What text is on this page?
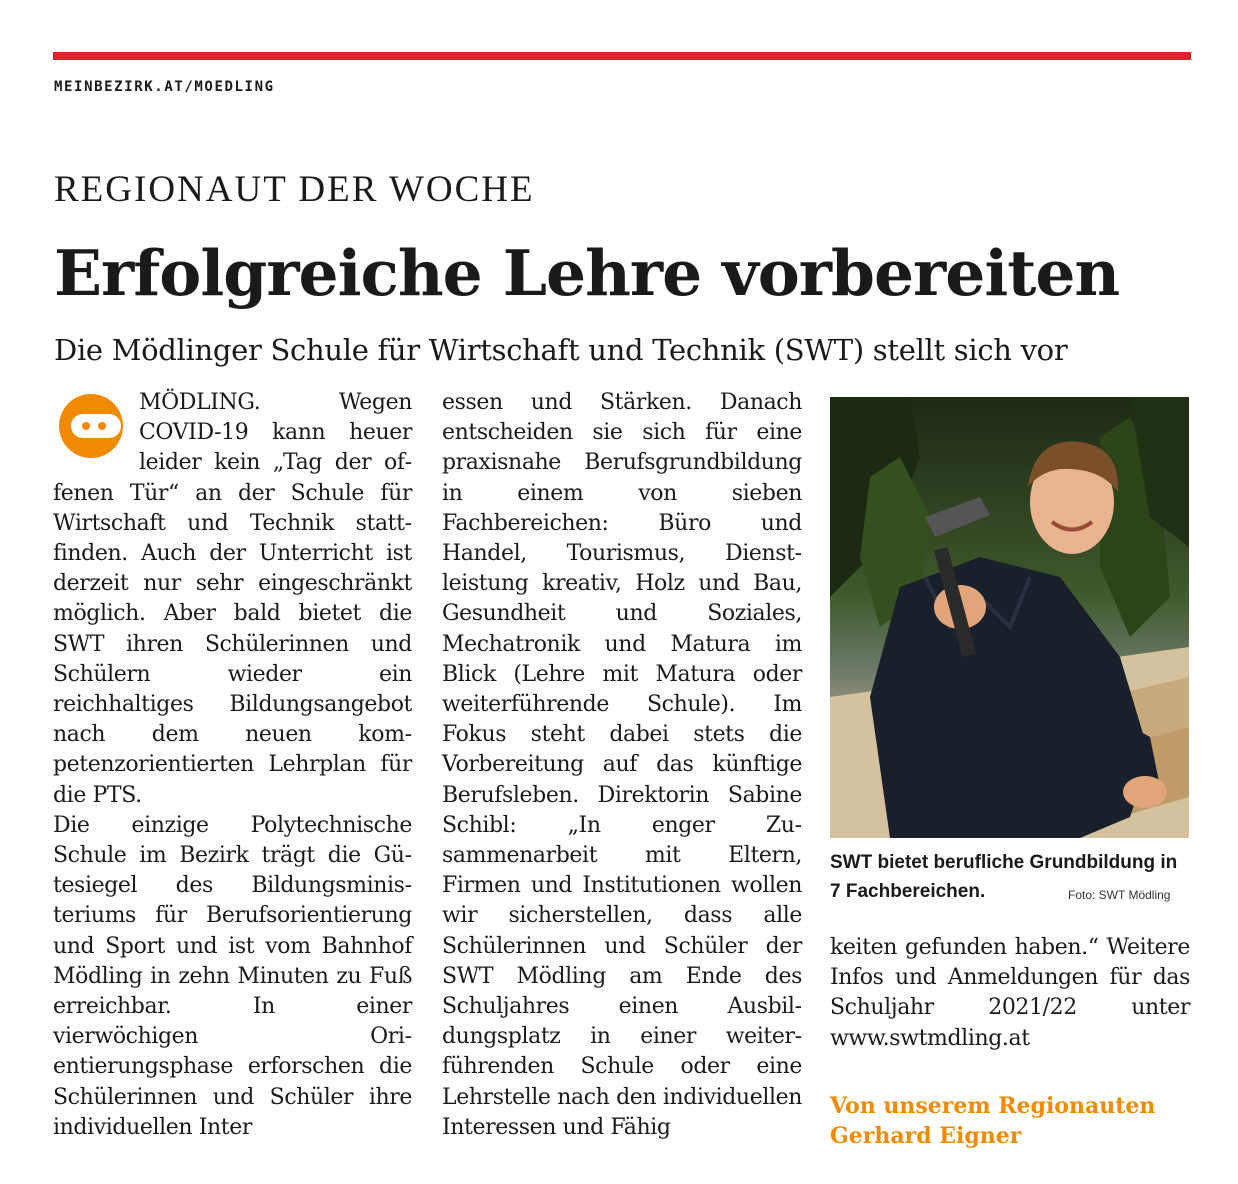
MEINBEZIRK.AT/MOEDLING
REGIONAUT DER WOCHE
Erfolgreiche Lehre vorbereiten
Die Mödlinger Schule für Wirtschaft und Technik (SWT) stellt sich vor

MÖDLING. Wegen COVID-19 kann heuer leider kein „Tag der offenen Tür“ an der Schule für Wirtschaft und Technik stattfinden. Auch der Unterricht ist derzeit nur sehr eingeschränkt möglich. Aber bald bietet die SWT ihren Schülerinnen und Schülern wieder ein reichhaltiges Bildungsangebot nach dem neuen kompetenzorientierten Lehrplan für die PTS.

Die einzige Polytechnische Schule im Bezirk trägt die Gütesiegel des Bildungsministeriums für Berufsorientierung und Sport und ist vom Bahnhof Mödling in zehn Minuten zu Fuß erreichbar. In einer vierwöchigen Orientierungsphase erforschen die Schülerinnen und Schüler ihre individuellen Inter

essen und Stärken. Danach entscheiden sie sich für eine praxisnahe Berufsgrundbildung in einem von sieben Fachbereichen: Büro und Handel, Tourismus, Dienstleistung kreativ, Holz und Bau, Gesundheit und Soziales, Mechatronik und Matura im Blick (Lehre mit Matura oder weiterführende Schule). Im Fokus steht dabei stets die Vorbereitung auf das künftige Berufsleben. Direktorin Sabine Schibl: „In enger Zusammenarbeit mit Eltern, Firmen und Institutionen wollen wir sicherstellen, dass alle Schülerinnen und Schüler der SWT Mödling am Ende des Schuljahres einen Ausbildungsplatz in einer weiterführenden Schule oder eine Lehrstelle nach den individuellen Interessen und Fähig

SWT bietet berufliche Grundbildung in 7 Fachbereichen.	Foto: SWT Mödling

keiten gefunden haben.“ Weitere Infos und Anmeldungen für das Schuljahr 2021/22 unter www.swtmdling.at

Von unserem Regionauten
Gerhard Eigner
